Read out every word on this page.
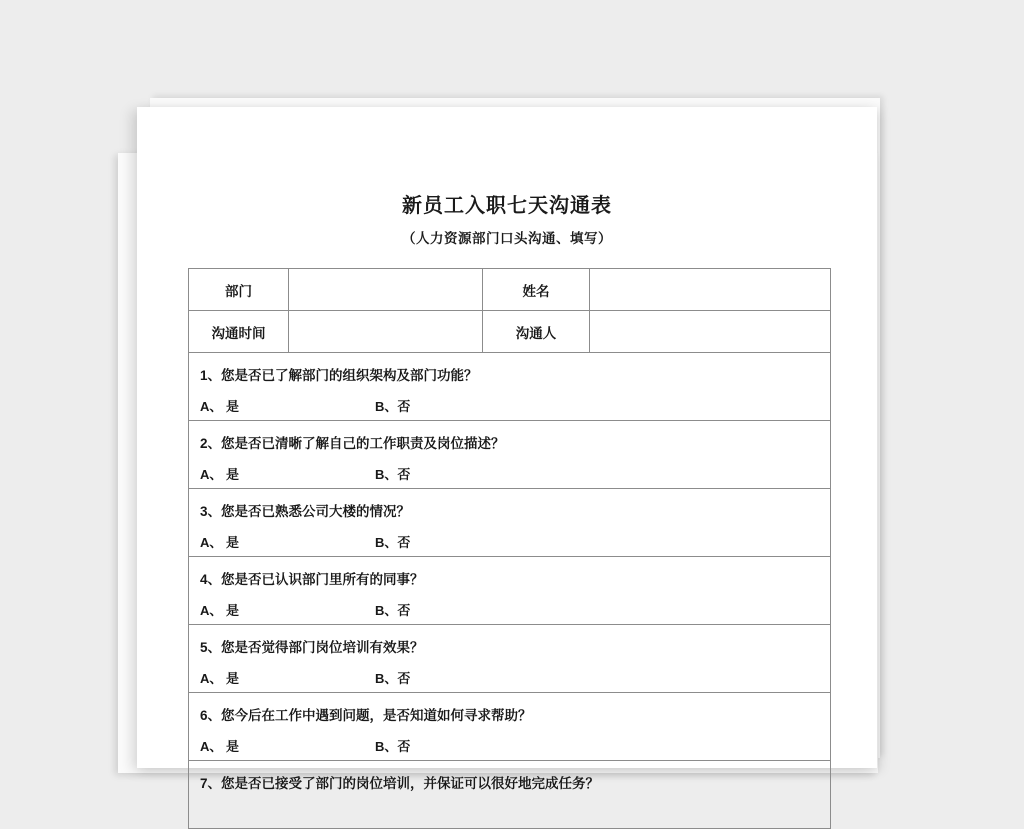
新员工入职七天沟通表
（人力资源部门口头沟通、填写）
部门		姓名	
沟通时间		沟通人	

1、您是否已了解部门的组织架构及部门功能？
A、 是 B、否			

2、您是否已清晰了解自己的工作职责及岗位描述？
A、 是 B、否			

3、您是否已熟悉公司大楼的情况？
A、 是 B、否			

4、您是否已认识部门里所有的同事？
A、 是 B、否			

5、您是否觉得部门岗位培训有效果？
A、 是 B、否			

6、您今后在工作中遇到问题，是否知道如何寻求帮助？
A、 是 B、否			

7、您是否已接受了部门的岗位培训，并保证可以很好地完成任务？			
